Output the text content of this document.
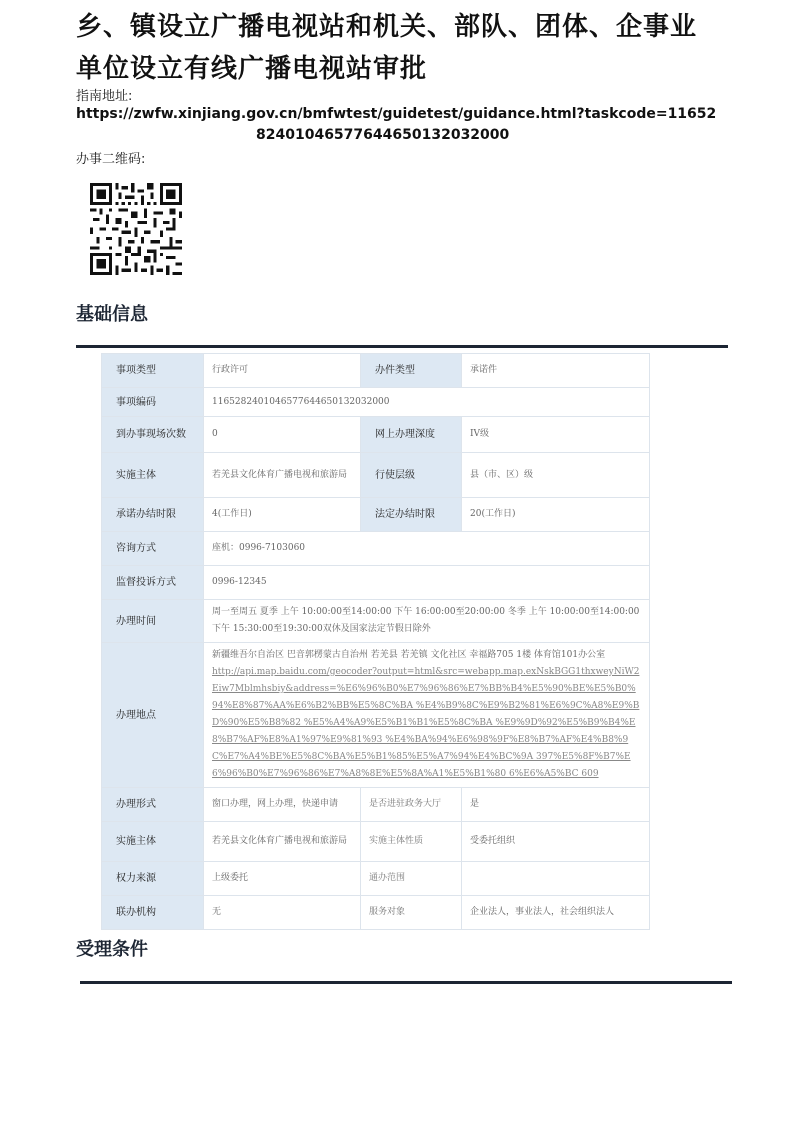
乡、镇设立广播电视站和机关、部队、团体、企事业单位设立有线广播电视站审批
指南地址:
https://zwfw.xinjiang.gov.cn/bmfwtest/guidetest/guidance.html?taskcode=11652
824010465776446501320320​00
办事二维码:
基础信息
事项类型	行政许可	办件类型	承诺件
事项编码	11652824010465776446501320320​00		
到办事现场次数	0	网上办理深度	IV级
实施主体	若羌县文化体育广播电视和旅游局	行使层级	县（市、区）级
承诺办结时限	4(工作日)	法定办结时限	20(工作日)
咨询方式	座机：0996-7103060		
监督投诉方式	0996-12345		
办理时间	周一至周五 夏季 上午 10:00:00至14:00:00 下午 16:00:00至20:00:00 冬季 上午 10:00:00至14:00:00 下午 15:30:00至19:30:00双休及国家法定节假日除外		
办理地点	新疆维吾尔自治区 巴音郭楞蒙古自治州 若羌县 若羌镇 文化社区 幸福路705 1楼 体育馆101办公室
http://api.map.baidu.com/geocoder?output=html&src=webapp.map.exNskBGG1thxweyNiW2Eiw7Mblmhsbiy&address=%E6%96%B0%E7%96%86%E7%BB%B4%E5%90%BE%E5%B0%94%E8%87%AA%E6%B2%BB%E5%8C%BA %E4%B9%8C%E9%B2%81%E6%9C%A8%E9%BD%90%E5%B8%82 %E5%A4%A9%E5%B1%B1%E5%8C%BA %E9%9D%92%E5%B9%B4%E8%B7%AF%E8%A1%97%E9%81%93 %E4%BA%94%E6%98%9F%E8%B7%AF%E4%B8%9C%E7%A4%BE%E5%8C%BA%E5%B1%85%E5%A7%94%E4%BC%9A 397%E5%8F%B7%E6%96%B0%E7%96%86%E7%A8%8E%E5%8A%A1%E5%B1%80 6%E6%A5%BC 609		
办理形式	窗口办理，网上办理，快递申请	是否进驻政务大厅	是
实施主体	若羌县文化体育广播电视和旅游局	实施主体性质	受委托组织
权力来源	上级委托	通办范围	
联办机构	无	服务对象	企业法人，事业法人，社会组织法人
受理条件
